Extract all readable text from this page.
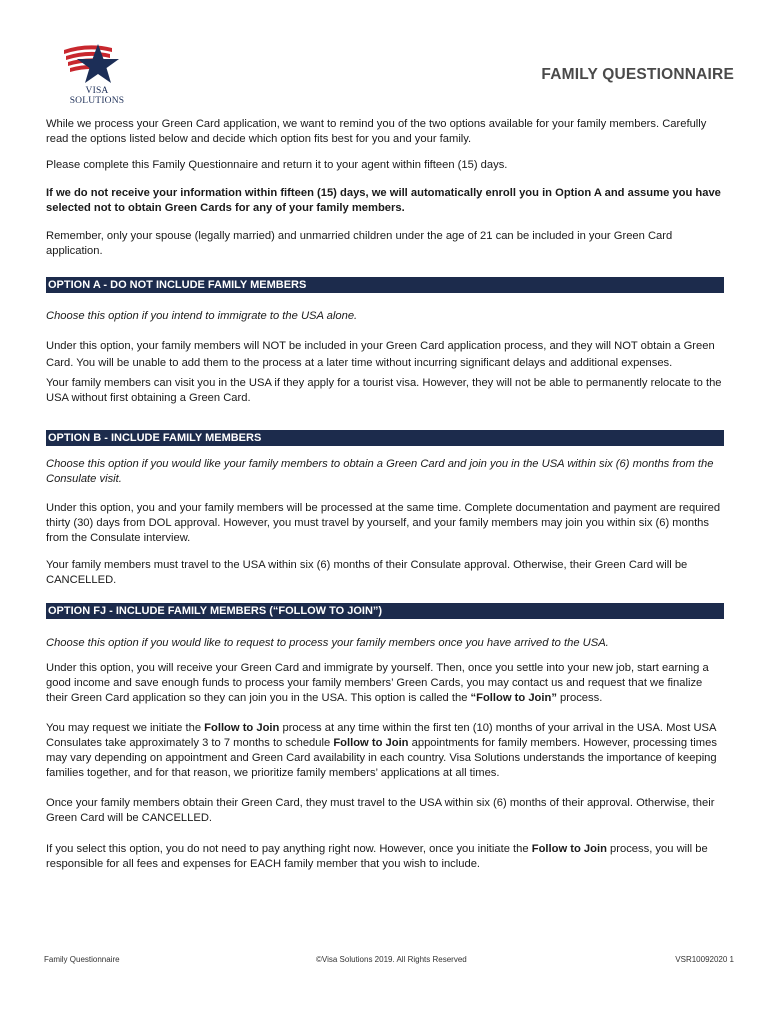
VISA SOLUTIONS
FAMILY QUESTIONNAIRE

While we process your Green Card application, we want to remind you of the two options available for your family members. Carefully read the options listed below and decide which option fits best for you and your family.

Please complete this Family Questionnaire and return it to your agent within fifteen (15) days.

If we do not receive your information within fifteen (15) days, we will automatically enroll you in Option A and assume you have selected not to obtain Green Cards for any of your family members.

Remember, only your spouse (legally married) and unmarried children under the age of 21 can be included in your Green Card application.

OPTION A - DO NOT INCLUDE FAMILY MEMBERS

Choose this option if you intend to immigrate to the USA alone.

Under this option, your family members will NOT be included in your Green Card application process, and they will NOT obtain a Green Card. You will be unable to add them to the process at a later time without incurring significant delays and additional expenses.

Your family members can visit you in the USA if they apply for a tourist visa. However, they will not be able to permanently relocate to the USA without first obtaining a Green Card.

OPTION B - INCLUDE FAMILY MEMBERS

Choose this option if you would like your family members to obtain a Green Card and join you in the USA within six (6) months from the Consulate visit.

Under this option, you and your family members will be processed at the same time. Complete documentation and payment are required thirty (30) days from DOL approval. However, you must travel by yourself, and your family members may join you within six (6) months from the Consulate interview.

Your family members must travel to the USA within six (6) months of their Consulate approval. Otherwise, their Green Card will be CANCELLED.

OPTION FJ - INCLUDE FAMILY MEMBERS (“FOLLOW TO JOIN”)

Choose this option if you would like to request to process your family members once you have arrived to the USA.

Under this option, you will receive your Green Card and immigrate by yourself. Then, once you settle into your new job, start earning a good income and save enough funds to process your family members’ Green Cards, you may contact us and request that we finalize their Green Card application so they can join you in the USA. This option is called the “Follow to Join” process.

You may request we initiate the Follow to Join process at any time within the first ten (10) months of your arrival in the USA. Most USA Consulates take approximately 3 to 7 months to schedule Follow to Join appointments for family members. However, processing times may vary depending on appointment and Green Card availability in each country. Visa Solutions understands the importance of keeping families together, and for that reason, we prioritize family members’ applications at all times.

Once your family members obtain their Green Card, they must travel to the USA within six (6) months of their approval. Otherwise, their Green Card will be CANCELLED.

If you select this option, you do not need to pay anything right now. However, once you initiate the Follow to Join process, you will be responsible for all fees and expenses for EACH family member that you wish to include.

Family Questionnaire	©Visa Solutions 2019. All Rights Reserved	VSR10092020 1
